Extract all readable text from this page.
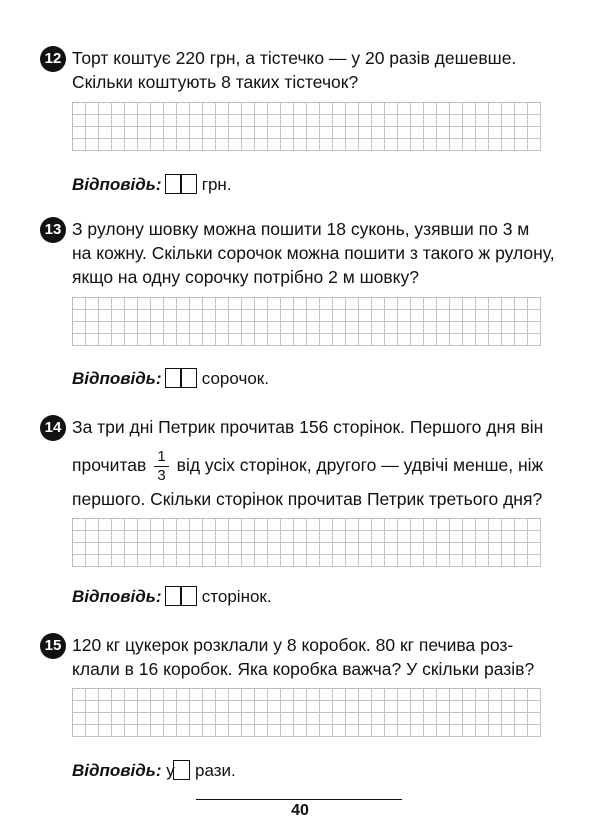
12 Торт коштує 220 грн, а тістечко — у 20 разів дешевше.
Скільки коштують 8 таких тістечок?
Відповідь: грн.
13 З рулону шовку можна пошити 18 суконь, узявши по 3 м
на кожну. Скільки сорочок можна пошити з такого ж рулону,
якщо на одну сорочку потрібно 2 м шовку?
Відповідь: сорочок.
14 За три дні Петрик прочитав 156 сторінок. Першого дня він
прочитав $\frac{1}{3}$ від усіх сторінок, другого — удвічі менше, ніж
першого. Скільки сторінок прочитав Петрик третього дня?
Відповідь: сторінок.
15 120 кг цукерок розклали у 8 коробок. 80 кг печива роз-
клали в 16 коробок. Яка коробка важча? У скільки разів?
Відповідь: у рази.
40
